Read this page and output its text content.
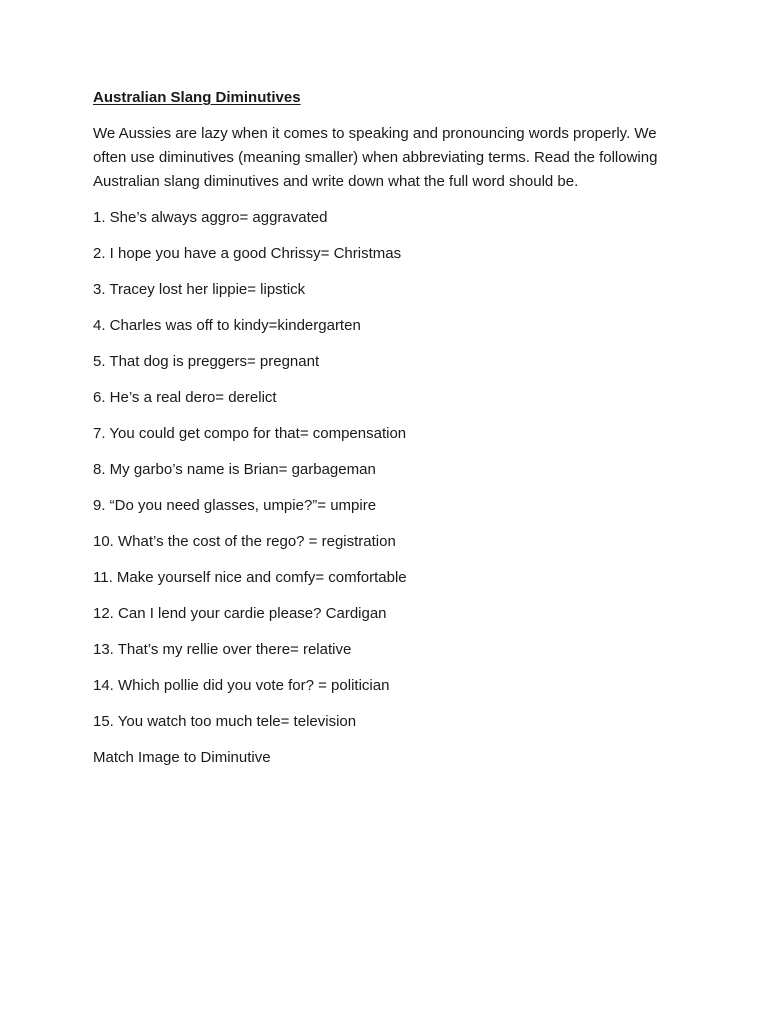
Australian Slang Diminutives
We Aussies are lazy when it comes to speaking and pronouncing words properly. We often use diminutives (meaning smaller) when abbreviating terms. Read the following Australian slang diminutives and write down what the full word should be.
1. She’s always aggro= aggravated
2. I hope you have a good Chrissy= Christmas
3. Tracey lost her lippie= lipstick
4. Charles was off to kindy=kindergarten
5. That dog is preggers= pregnant
6. He’s a real dero= derelict
7. You could get compo for that= compensation
8. My garbo’s name is Brian= garbageman
9. “Do you need glasses, umpie?”= umpire
10. What’s the cost of the rego? = registration
11. Make yourself nice and comfy= comfortable
12. Can I lend your cardie please? Cardigan
13. That’s my rellie over there= relative
14. Which pollie did you vote for? = politician
15. You watch too much tele= television
Match Image to Diminutive
